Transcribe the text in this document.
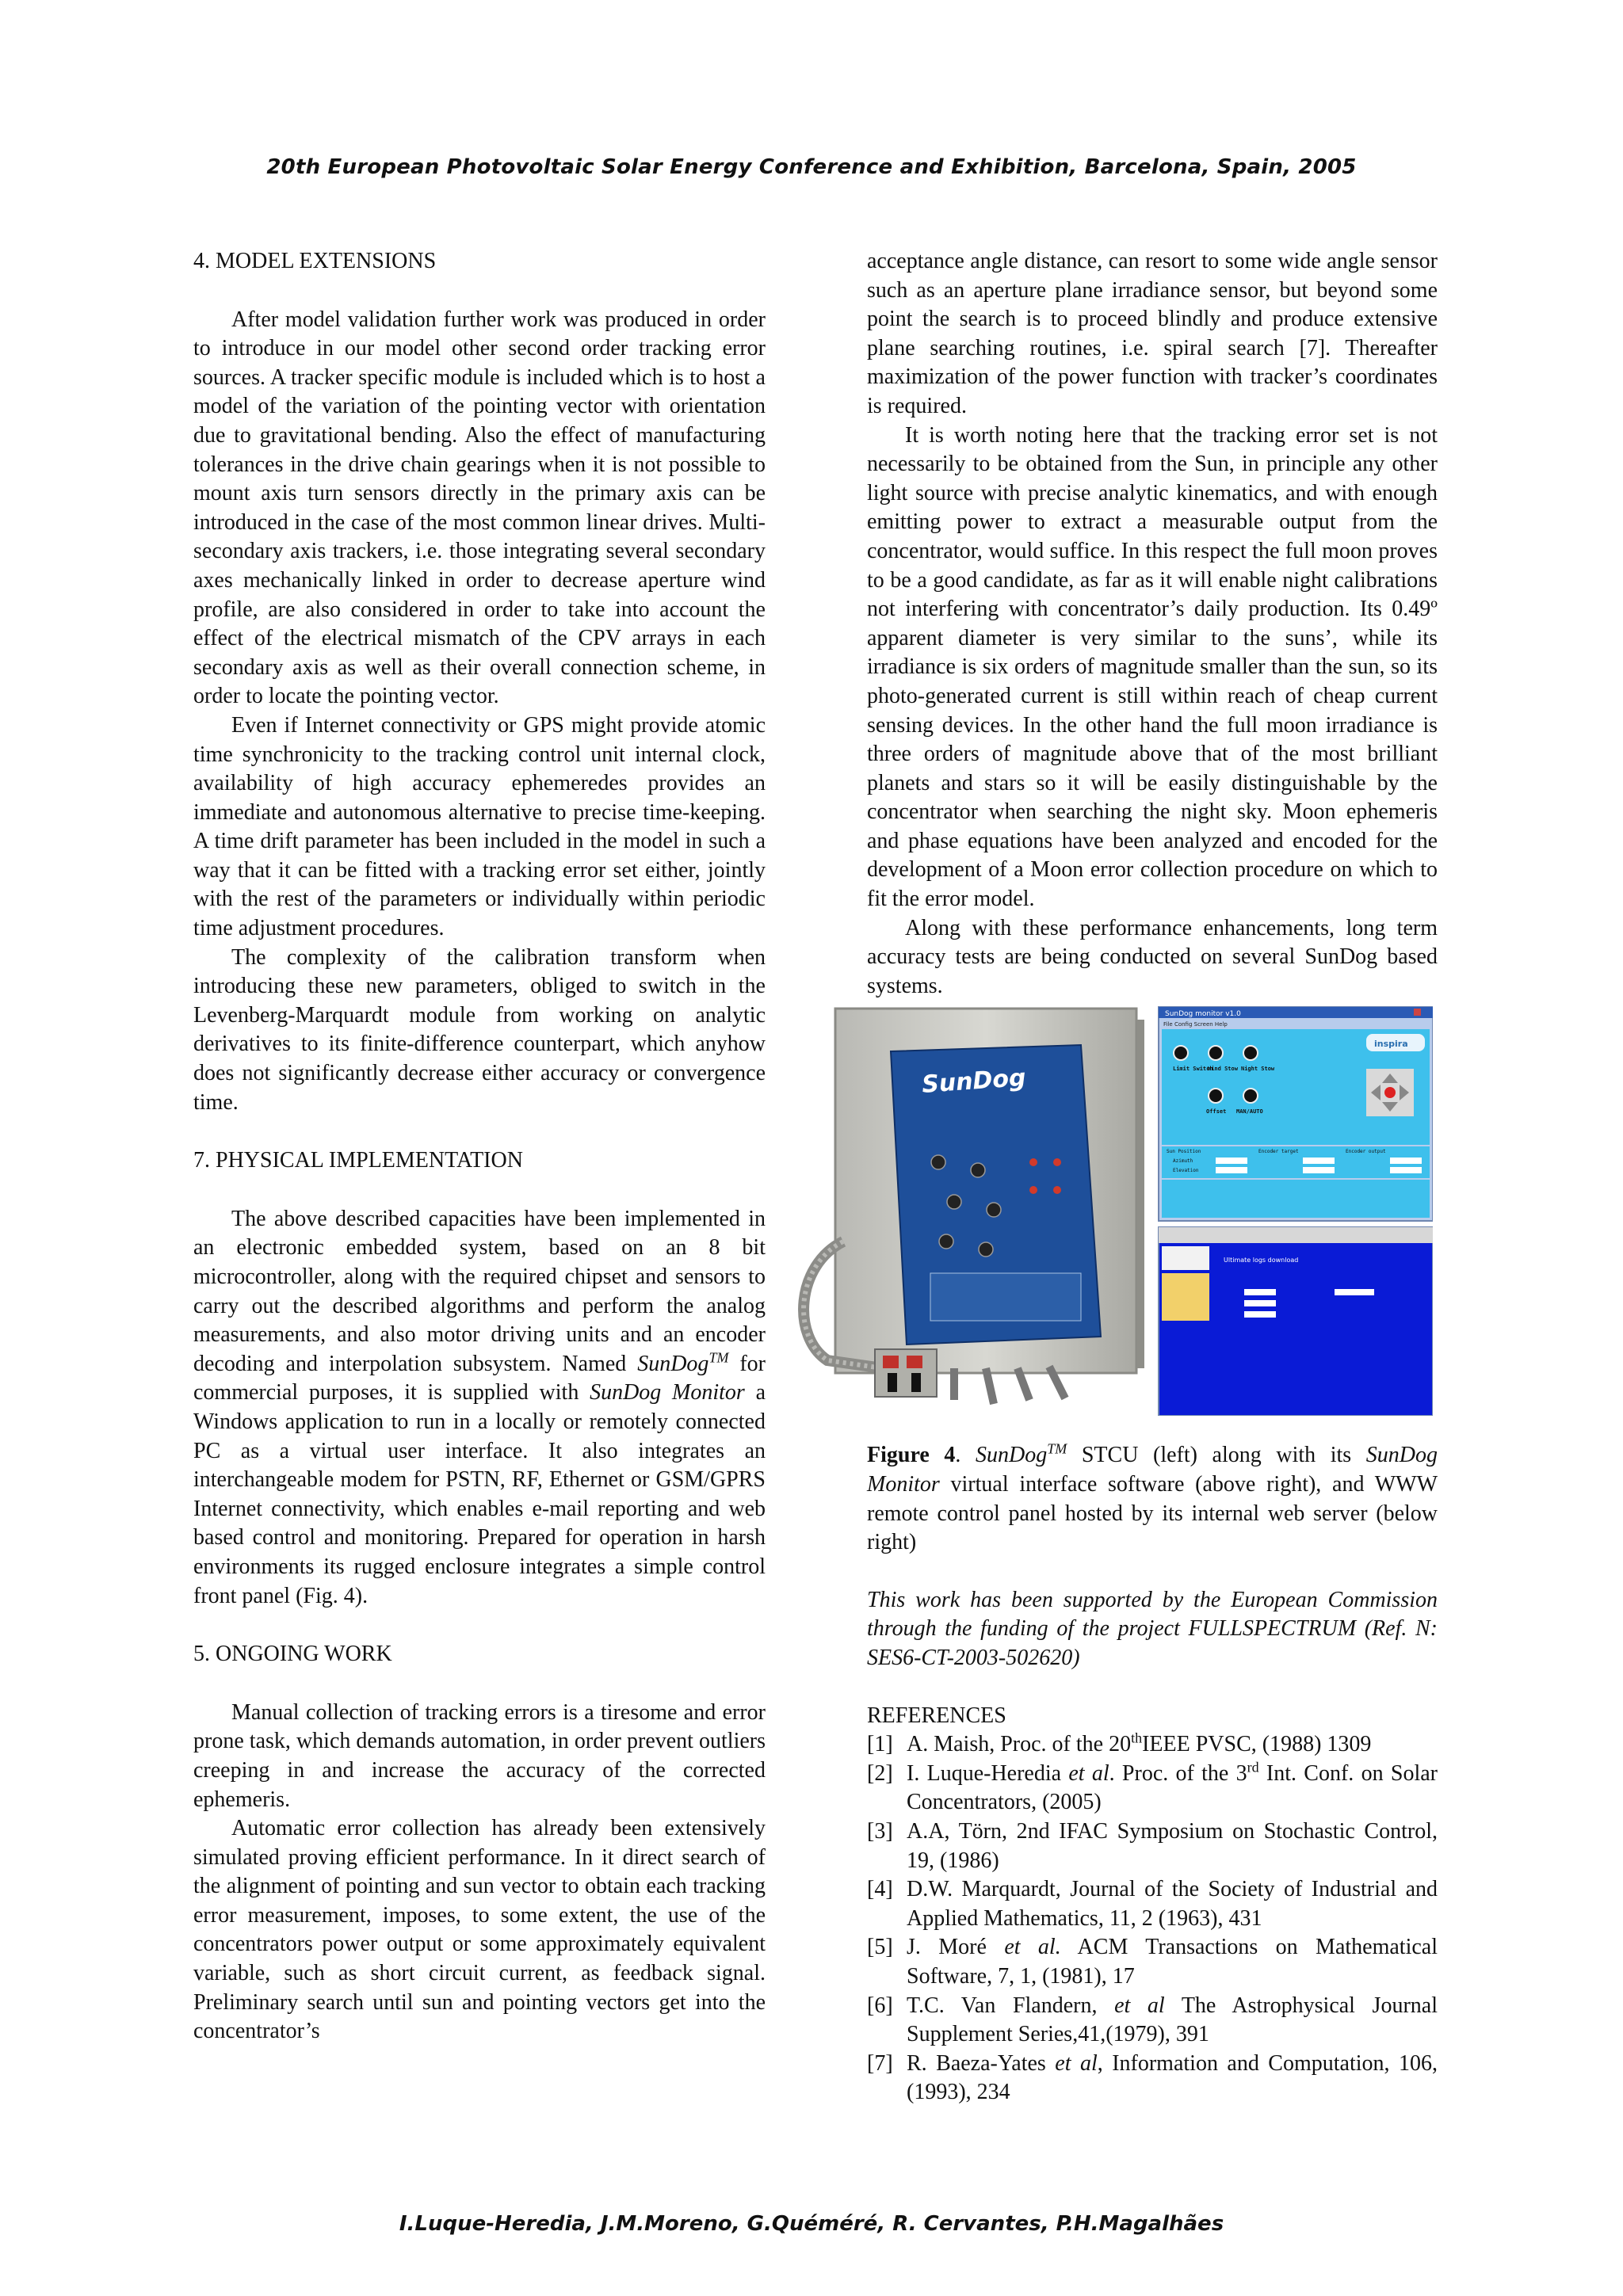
20th European Photovoltaic Solar Energy Conference and Exhibition, Barcelona, Spain, 2005
4. MODEL EXTENSIONS

After model validation further work was produced in order to introduce in our model other second order tracking error sources. A tracker specific module is included which is to host a model of the variation of the pointing vector with orientation due to gravitational bending. Also the effect of manufacturing tolerances in the drive chain gearings when it is not possible to mount axis turn sensors directly in the primary axis can be introduced in the case of the most common linear drives. Multi-secondary axis trackers, i.e. those integrating several secondary axes mechanically linked in order to decrease aperture wind profile, are also considered in order to take into account the effect of the electrical mismatch of the CPV arrays in each secondary axis as well as their overall connection scheme, in order to locate the pointing vector.

Even if Internet connectivity or GPS might provide atomic time synchronicity to the tracking control unit internal clock, availability of high accuracy ephemeredes provides an immediate and autonomous alternative to precise time-keeping. A time drift parameter has been included in the model in such a way that it can be fitted with a tracking error set either, jointly with the rest of the parameters or individually within periodic time adjustment procedures.

The complexity of the calibration transform when introducing these new parameters, obliged to switch in the Levenberg-Marquardt module from working on analytic derivatives to its finite-difference counterpart, which anyhow does not significantly decrease either accuracy or convergence time.

7. PHYSICAL IMPLEMENTATION

The above described capacities have been implemented in an electronic embedded system, based on an 8 bit microcontroller, along with the required chipset and sensors to carry out the described algorithms and perform the analog measurements, and also motor driving units and an encoder decoding and interpolation subsystem. Named SunDog™ for commercial purposes, it is supplied with SunDog Monitor a Windows application to run in a locally or remotely connected PC as a virtual user interface. It also integrates an interchangeable modem for PSTN, RF, Ethernet or GSM/GPRS Internet connectivity, which enables e-mail reporting and web based control and monitoring. Prepared for operation in harsh environments its rugged enclosure integrates a simple control front panel (Fig. 4).

5. ONGOING WORK

Manual collection of tracking errors is a tiresome and error prone task, which demands automation, in order prevent outliers creeping in and increase the accuracy of the corrected ephemeris.

Automatic error collection has already been extensively simulated proving efficient performance. In it direct search of the alignment of pointing and sun vector to obtain each tracking error measurement, imposes, to some extent, the use of the concentrators power output or some approximately equivalent variable, such as short circuit current, as feedback signal. Preliminary search until sun and pointing vectors get into the concentrator’s

acceptance angle distance, can resort to some wide angle sensor such as an aperture plane irradiance sensor, but beyond some point the search is to proceed blindly and produce extensive plane searching routines, i.e. spiral search [7]. Thereafter maximization of the power function with tracker’s coordinates is required.

It is worth noting here that the tracking error set is not necessarily to be obtained from the Sun, in principle any other light source with precise analytic kinematics, and with enough emitting power to extract a measurable output from the concentrator, would suffice. In this respect the full moon proves to be a good candidate, as far as it will enable night calibrations not interfering with concentrator’s daily production. Its 0.49º apparent diameter is very similar to the suns’, while its irradiance is six orders of magnitude smaller than the sun, so its photo-generated current is still within reach of cheap current sensing devices. In the other hand the full moon irradiance is three orders of magnitude above that of the most brilliant planets and stars so it will be easily distinguishable by the concentrator when searching the night sky. Moon ephemeris and phase equations have been analyzed and encoded for the development of a Moon error collection procedure on which to fit the error model.

Along with these performance enhancements, long term accuracy tests are being conducted on several SunDog based systems.

SunDog
SunDog monitor v1.0
File Config Screen Help
Limit Switch Wind Stow Night Stow Offset MAN/AUTO
inspira
Sun Position	Encoder target	Encoder output Azimuth Elevation
Ultimate logs download

Figure 4. SunDog™ STCU (left) along with its SunDog Monitor virtual interface software (above right), and WWW remote control panel hosted by its internal web server (below right)

This work has been supported by the European Commission through the funding of the project FULLSPECTRUM (Ref. N: SES6-CT-2003-502620)

REFERENCES

[1] A. Maish, Proc. of the 20thIEEE PVSC, (1988) 1309
[2] I. Luque-Heredia et al. Proc. of the 3rd Int. Conf. on Solar Concentrators, (2005)
[3] A.A, Törn, 2nd IFAC Symposium on Stochastic Control, 19, (1986)
[4] D.W. Marquardt, Journal of the Society of Industrial and Applied Mathematics, 11, 2 (1963), 431
[5] J. Moré et al. ACM Transactions on Mathematical Software, 7, 1, (1981), 17
[6] T.C. Van Flandern, et al The Astrophysical Journal Supplement Series,41,(1979), 391
[7] R. Baeza-Yates et al, Information and Computation, 106, (1993), 234
I.Luque-Heredia, J.M.Moreno, G.Quéméré, R. Cervantes, P.H.Magalhães
